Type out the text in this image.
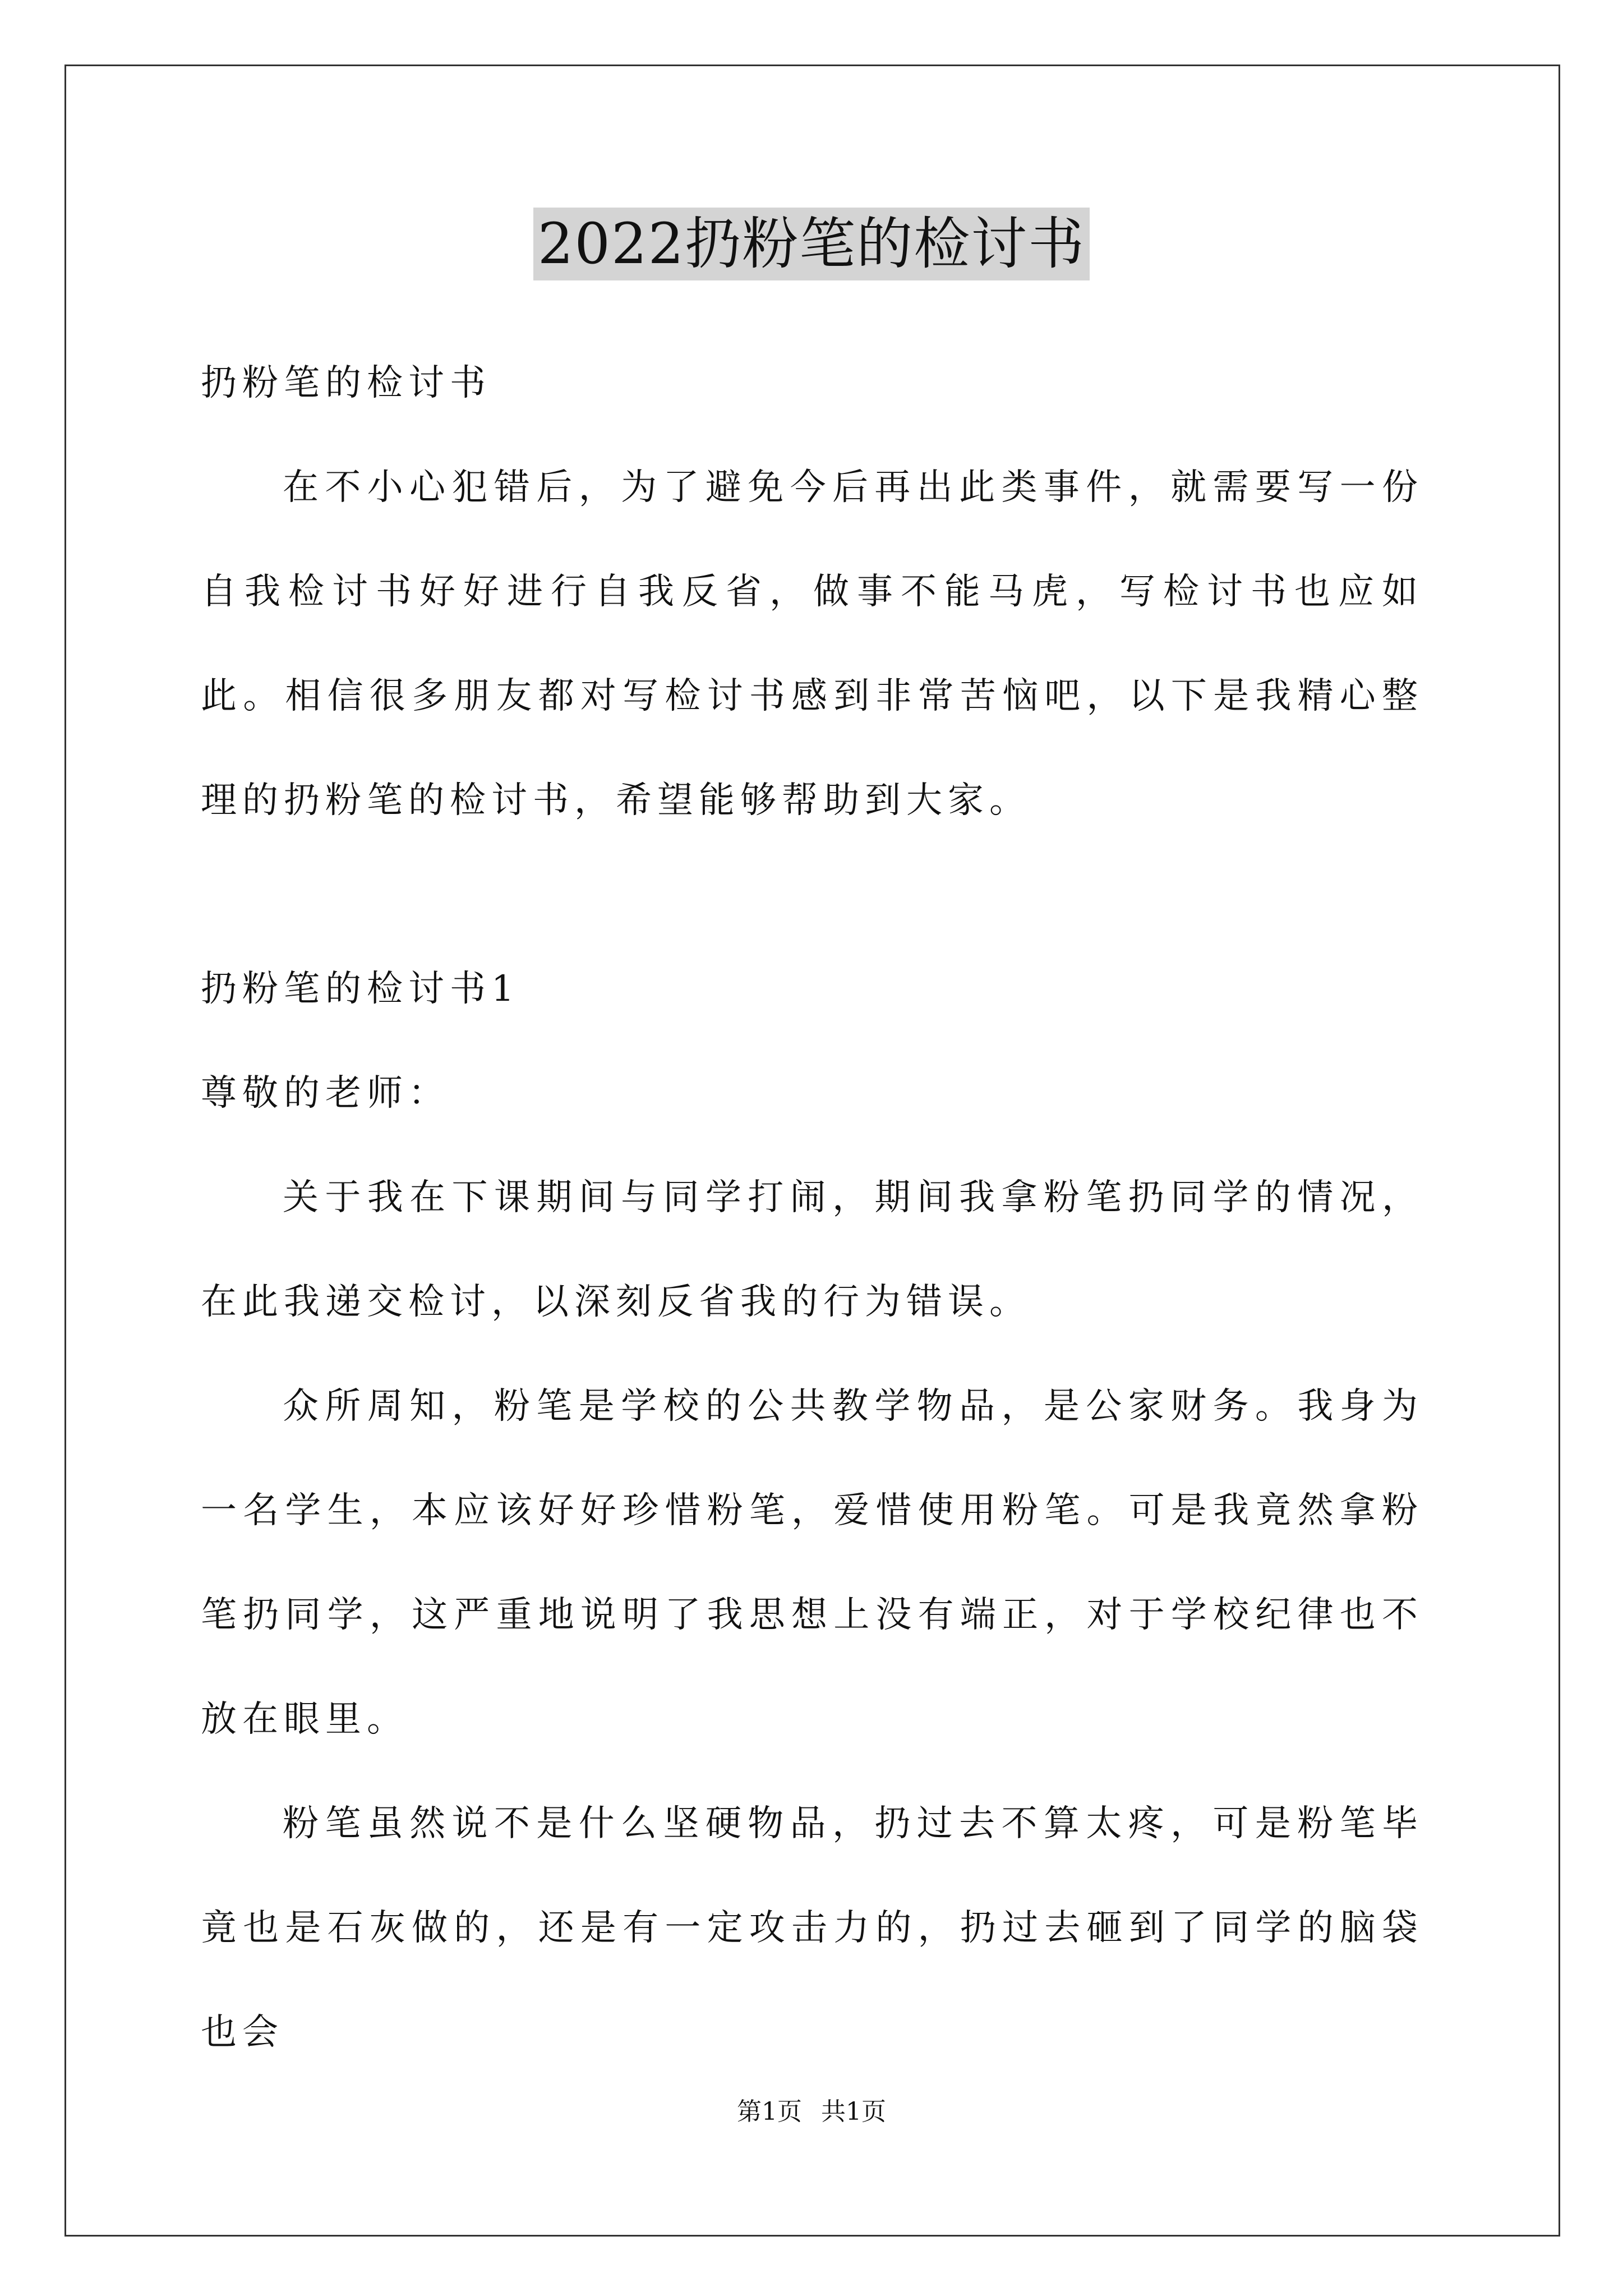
2022扔粉笔的检讨书

扔粉笔的检讨书

在不小心犯错后，为了避免今后再出此类事件，就需要写一份自我检讨书好好进行自我反省，做事不能马虎，写检讨书也应如此。相信很多朋友都对写检讨书感到非常苦恼吧，以下是我精心整理的扔粉笔的检讨书，希望能够帮助到大家。

扔粉笔的检讨书1

尊敬的老师：

关于我在下课期间与同学打闹，期间我拿粉笔扔同学的情况，在此我递交检讨，以深刻反省我的行为错误。

众所周知，粉笔是学校的公共教学物品，是公家财务。我身为一名学生，本应该好好珍惜粉笔，爱惜使用粉笔。可是我竟然拿粉笔扔同学，这严重地说明了我思想上没有端正，对于学校纪律也不放在眼里。

粉笔虽然说不是什么坚硬物品，扔过去不算太疼，可是粉笔毕竟也是石灰做的，还是有一定攻击力的，扔过去砸到了同学的脑袋也会

第1页 共1页
